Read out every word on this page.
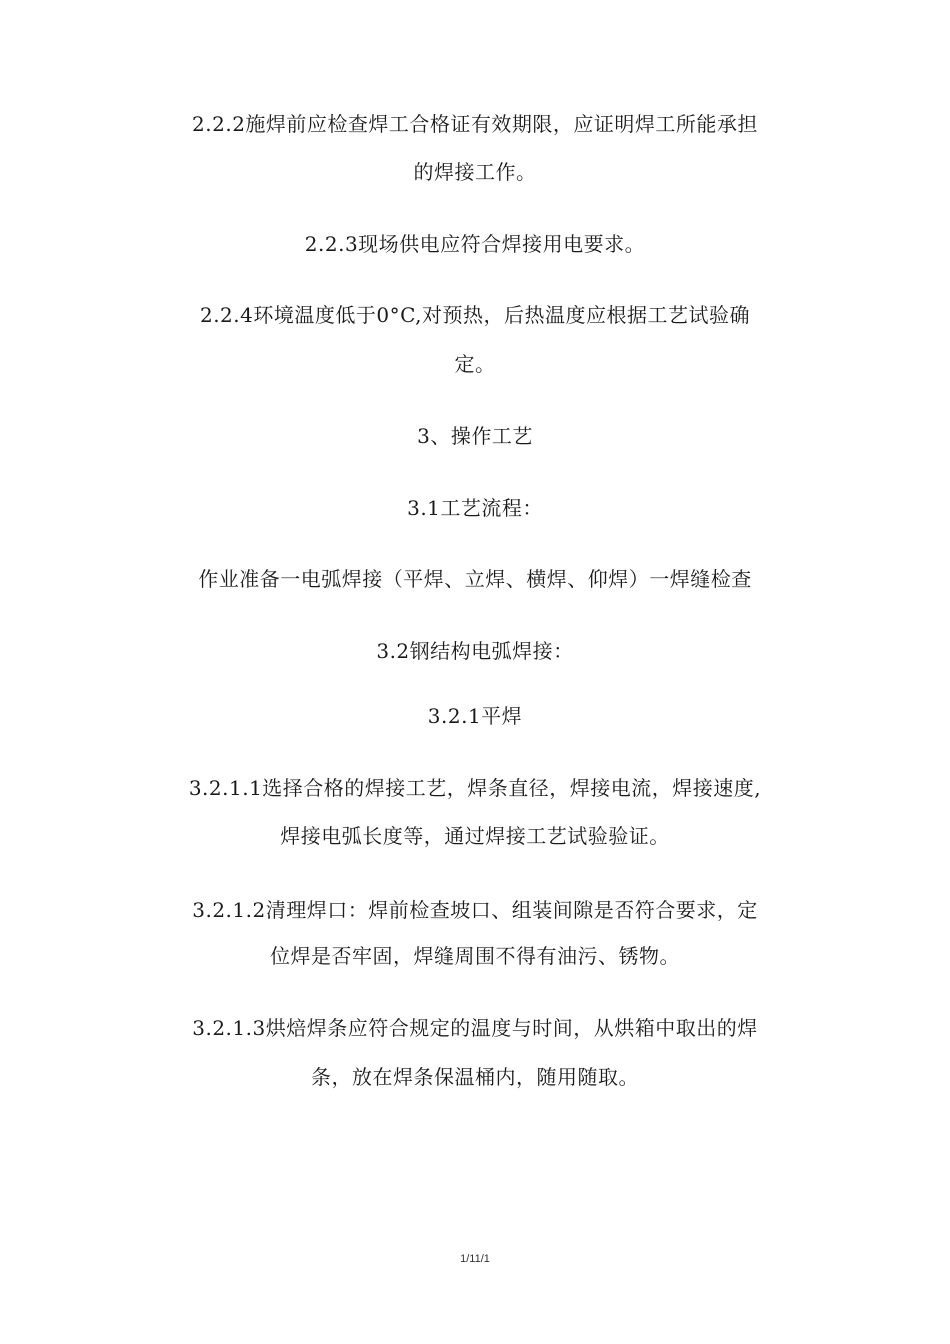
2.2.2施焊前应检查焊工合格证有效期限，应证明焊工所能承担
的焊接工作。
2.2.3现场供电应符合焊接用电要求。
2.2.4环境温度低于0°C,对预热，后热温度应根据工艺试验确
定。
3、操作工艺
3.1工艺流程：
作业准备一电弧焊接（平焊、立焊、横焊、仰焊）一焊缝检查
3.2钢结构电弧焊接：
3.2.1平焊
3.2.1.1选择合格的焊接工艺，焊条直径，焊接电流，焊接速度,
焊接电弧长度等，通过焊接工艺试验验证。
3.2.1.2清理焊口：焊前检查坡口、组装间隙是否符合要求，定
位焊是否牢固，焊缝周围不得有油污、锈物。
3.2.1.3烘焙焊条应符合规定的温度与时间，从烘箱中取出的焊
条，放在焊条保温桶内，随用随取。
1/11/1
